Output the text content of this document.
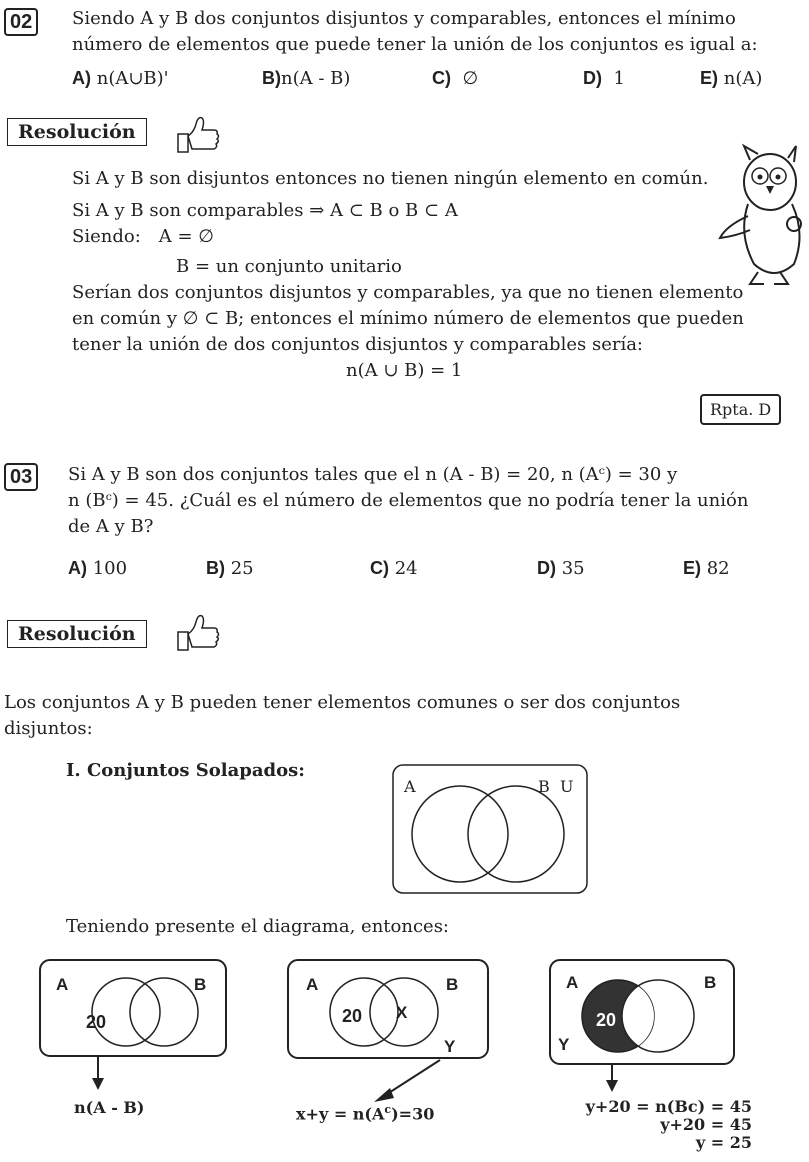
02	Siendo A y B dos conjuntos disjuntos y comparables, entonces el mínimo
número de elementos que puede tener la unión de los conjuntos es igual a:
A) n(A∪B)'	B)n(A - B)	C) ∅	D) 1	E) n(A)
Resolución
Si A y B son disjuntos entonces no tienen ningún elemento en común.
Si A y B son comparables ⇒ A ⊂ B o B ⊂ A
Siendo: A = ∅
B = un conjunto unitario
Serían dos conjuntos disjuntos y comparables, ya que no tienen elemento
en común y ∅ ⊂ B; entonces el mínimo número de elementos que pueden
tener la unión de dos conjuntos disjuntos y comparables sería:
n(A ∪ B) = 1
Rpta. D
03	Si A y B son dos conjuntos tales que el n (A - B) = 20, n (Aᶜ) = 30 y
n (Bᶜ) = 45. ¿Cuál es el número de elementos que no podría tener la unión
de A y B?
A) 100	B) 25	C) 24	D) 35	E) 82
Resolución
Los conjuntos A y B pueden tener elementos comunes o ser dos conjuntos
disjuntos:
I. Conjuntos Solapados:
A	B U
Teniendo presente el diagrama, entonces:
A	B
20
n(A - B)
A	B
20 X
Y
$x+y = n(A^c)=30$
A	B
20
Y
y+20 = n(Bc) = 45
y+20 = 45
y = 25
